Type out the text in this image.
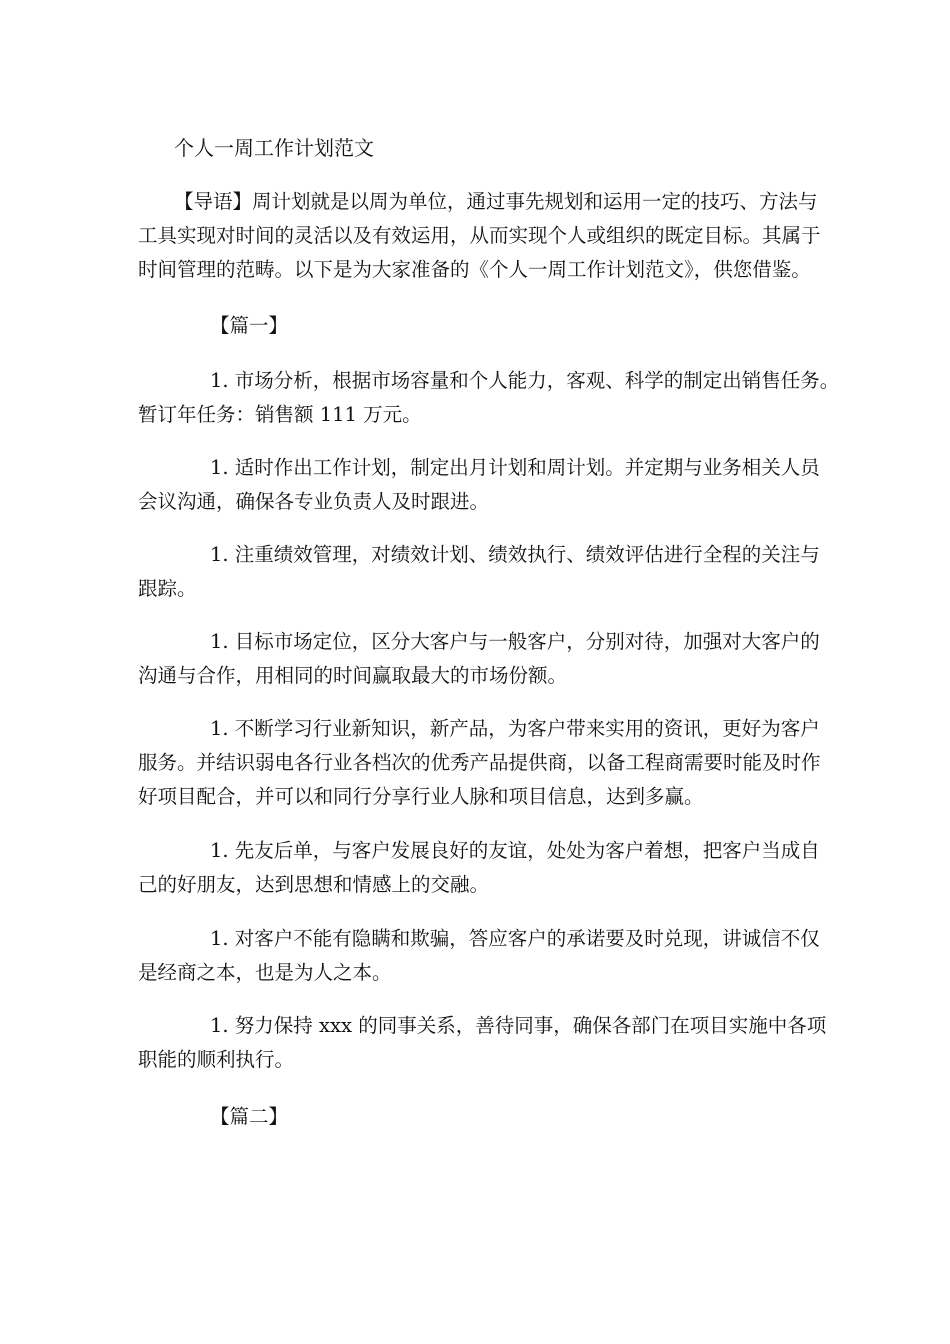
个人一周工作计划范文

【导语】周计划就是以周为单位，通过事先规划和运用一定的技巧、方法与
工具实现对时间的灵活以及有效运用，从而实现个人或组织的既定目标。其属于
时间管理的范畴。以下是为大家准备的《个人一周工作计划范文》，供您借鉴。

【篇一】

1. 市场分析，根据市场容量和个人能力，客观、科学的制定出销售任务。
暂订年任务：销售额 111 万元。

1. 适时作出工作计划，制定出月计划和周计划。并定期与业务相关人员
会议沟通，确保各专业负责人及时跟进。

1. 注重绩效管理，对绩效计划、绩效执行、绩效评估进行全程的关注与
跟踪。

1. 目标市场定位，区分大客户与一般客户，分别对待，加强对大客户的
沟通与合作，用相同的时间赢取最大的市场份额。

1. 不断学习行业新知识，新产品，为客户带来实用的资讯，更好为客户
服务。并结识弱电各行业各档次的优秀产品提供商，以备工程商需要时能及时作
好项目配合，并可以和同行分享行业人脉和项目信息，达到多赢。

1. 先友后单，与客户发展良好的友谊，处处为客户着想，把客户当成自
己的好朋友，达到思想和情感上的交融。

1. 对客户不能有隐瞒和欺骗，答应客户的承诺要及时兑现，讲诚信不仅
是经商之本，也是为人之本。

1. 努力保持 xxx 的同事关系，善待同事，确保各部门在项目实施中各项
职能的顺利执行。

【篇二】
